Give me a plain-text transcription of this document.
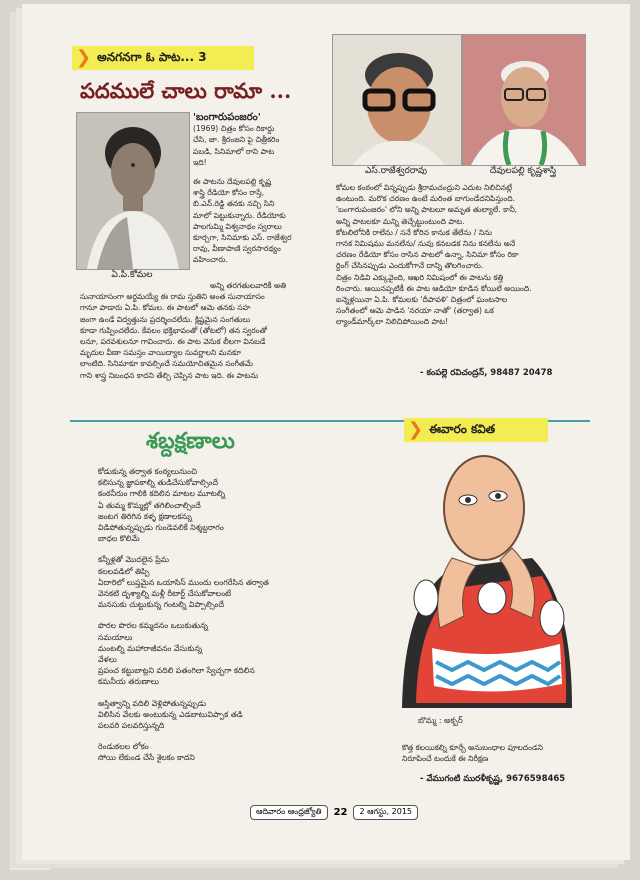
❯ అనగనగా ఓ పాట... 3
పదములే చాలు రామా ...
ఏ.పి.కోమల

'బంగారుపంజరం'

(1969) చిత్రం కోసం రికార్డు

చేసి, జా. శ్రీరంజని పై చిత్రీకరిం

పబడి, సినిమాలో రాని పాట

ఇది!

ఈ పాటను దేవులపల్లి కృష్ణ

శాస్త్రి రేడియో కోసం రాస్తే,

బి.ఎన్.రెడ్డి తనకు నచ్చి సిని

మాలో పెట్టుకున్నారు. రేడియోకు

పాలగుమ్మి విశ్వనాథం స్వరాలు

కూర్చగా, సినిమాకు ఎస్. రాజేశ్వర

రావు, వీణాపాణి స్వరసారథ్యం

వహించారు.

అన్ని తరగతులవారికీ అతి

సునాయాసంగా అర్థమయ్యే ఈ రామ స్తుతిని అంత సునాయాసం

గానూ పాడారు ఏ.పి. కోమల. ఈ పాటలో ఆమె తనకు సహ

జంగా ఉండే విద్వత్తును ప్రదర్శించలేదు. క్లిష్టమైన సంగతులు

కూడా గుప్పించలేదు. కేవలం భక్తిభావంతో (తోటలో) తన స్వరంతో

లనూ, పరవశులనూ గావించారు. ఈ పాట వెనుక లీలగా వినబడే

మృదుల వీణా సమస్తం వాయిద్యాల సువర్ణాలని మనకూ

లాంటిది. సినిమాకూ కావల్సిందే సమయోచితమైన సంగీతమే

గాని శాస్త్ర నిబంధన కాదని తేల్చి చెప్పిన పాట ఇది. ఈ పాటను

ఎస్.రాజేశ్వరరావు	దేవులపల్లి కృష్ణశాస్త్రి

కోమల కంఠంలో విన్నప్పుడు శ్రీరామచంద్రుని ఎదుట నిలిచినట్లే

ఉంటుంది. మరొక చరణం ఉంటే మరింత బాగుండేదనిపిస్తుంది.

'బంగారుపంజరం' లోని అన్ని పాటలూ అమృత తుల్యాలే. కానీ,

అన్ని పాటలకూ మన్ని తెచ్చేట్టుంటుంది పాట.

కోటలిలోనికి రాలేను / సనే కోరిన కానుక తేలేను / నిను

గానక నిమిషము మనలేను/ నువు కనబడక నిను కనలేను అనే

చరణం రేడియో కోసం రాసిన పాటలో ఉన్నా, సినిమా కోసం రికా

ర్డింగ్ చేసినప్పుడు ఎందుకోగానే దాన్ని తొలగించారు.

చిత్రం నిడివి ఎక్కువైంది, ఆఖరి నిమిషంలో ఈ పాటను కత్తి

రించారు. ఆయినప్పటికీ ఈ పాట ఆడియో కూడిన కోయిలే అయింది.

ఐన్నెళ్లయినా ఏ.పి. కోమలకు 'దీపావళి' చిత్రంలో ఘంటసాల

సంగీతంలో ఆమె పాడిన 'నరయా నాతో' (తర్వాత) ఒక

ల్యాండ్‌మార్క్‌లా నిలిచిపోయింది పాట!

- కంపల్లె రవిచంద్రన్, 98487 20478
శబ్దక్షణాలు	❯ ఈవారం కవిత
కోడుకున్న తర్వాత కంఠ్యలునుంచి
కలిసున్న జ్ఞాపకాల్ని తుడిచేసుకోవాల్సిందే
కంఠనీరుం గాలికి కదిలిన మాటల మూటల్ని
ఏ తుమ్మ కొమ్మల్లో తగిలించాల్సిందే
జంటగ తిరిగిన కళ్ళ క్షణాలకన్ను
విడిపోతున్నప్పుడు గుండెవలికే నిశ్శబ్దరాగం
బాధల కొలిమే
కన్నీళ్లతో మొదలైన ప్రేమ
కలలవడిలో తిప్పి
ఏదారిలో లుప్తమైన ఒయాసిస్ ముందు లంగరేసిన తర్వాత
వెనకటి దృశ్యాల్ని మళ్లీ రీటార్ట్ చేసుకోవాలంటే
మనసుకు చుట్టుకున్న గంటల్ని విప్పాల్సిందే
పొరల పొరల కమ్మదనం ఒలుకుతున్న
సమయాలు
మంటల్ని మహారాజీవనం వేసుకున్న
వేళలు
ప్రపంచ కట్టుబాట్లని వదిలి పతంగిలా స్వేచ్ఛగా కదిలిన
కమనీయ తరుణాలు
అస్తిత్వాన్ని వదిలి వెళ్లిపోతున్నప్పుడు
విలిసిన వేలకు అంటుకున్న ఎడబాటువిప్పాక తడి
పలవరి పలవరిస్తున్నది
రెండుకలల లోకం
సోయి లేకుండ చేసే శైలకం కాదని
బొమ్మ : అక్బర్

కొత్త కలయికల్ని కూర్చే అనుబంధాల పూలదండని

నిరూపించే టందుకే ఈ నిరీక్షణ

- వేముగంటి మురళీకృష్ణ, 9676598465
ఆదివారం ఆంధ్రజ్యోతి	22	2 ఆగస్టు, 2015
